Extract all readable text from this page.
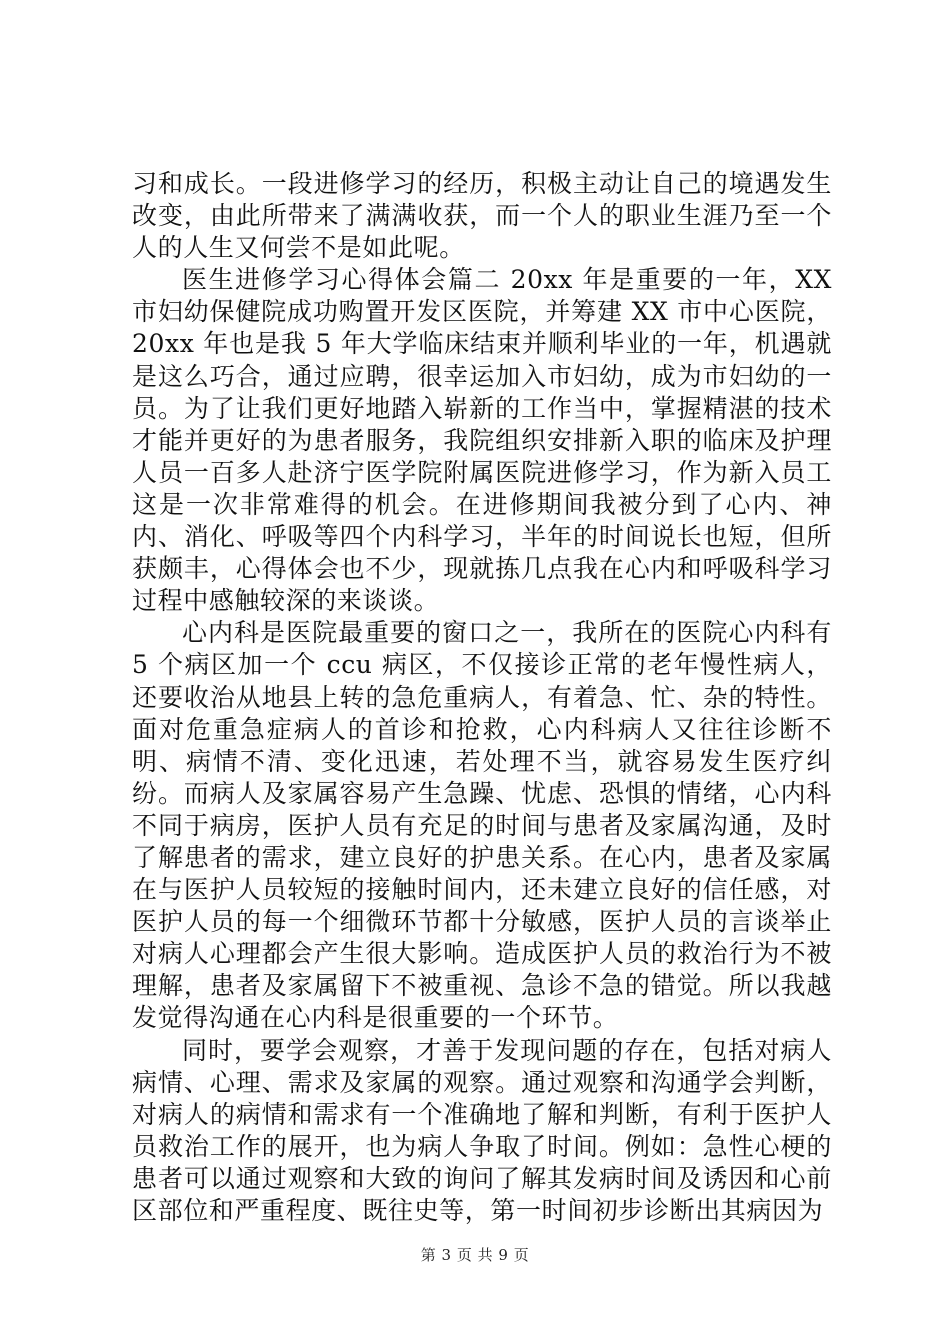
习和成长。一段进修学习的经历，积极主动让自己的境遇发生改变，由此所带来了满满收获，而一个人的职业生涯乃至一个人的人生又何尝不是如此呢。

医生进修学习心得体会篇二 20xx 年是重要的一年，XX 市妇幼保健院成功购置开发区医院，并筹建 XX 市中心医院，20xx 年也是我 5 年大学临床结束并顺利毕业的一年，机遇就是这么巧合，通过应聘，很幸运加入市妇幼，成为市妇幼的一员。为了让我们更好地踏入崭新的工作当中，掌握精湛的技术才能并更好的为患者服务，我院组织安排新入职的临床及护理人员一百多人赴济宁医学院附属医院进修学习，作为新入员工这是一次非常难得的机会。在进修期间我被分到了心内、神内、消化、呼吸等四个内科学习，半年的时间说长也短，但所获颇丰，心得体会也不少，现就拣几点我在心内和呼吸科学习过程中感触较深的来谈谈。

心内科是医院最重要的窗口之一，我所在的医院心内科有 5 个病区加一个 ccu 病区，不仅接诊正常的老年慢性病人，还要收治从地县上转的急危重病人，有着急、忙、杂的特性。面对危重急症病人的首诊和抢救，心内科病人又往往诊断不明、病情不清、变化迅速，若处理不当，就容易发生医疗纠纷。而病人及家属容易产生急躁、忧虑、恐惧的情绪，心内科不同于病房，医护人员有充足的时间与患者及家属沟通，及时了解患者的需求，建立良好的护患关系。在心内，患者及家属在与医护人员较短的接触时间内，还未建立良好的信任感，对医护人员的每一个细微环节都十分敏感，医护人员的言谈举止对病人心理都会产生很大影响。造成医护人员的救治行为不被理解，患者及家属留下不被重视、急诊不急的错觉。所以我越发觉得沟通在心内科是很重要的一个环节。

同时，要学会观察，才善于发现问题的存在，包括对病人病情、心理、需求及家属的观察。通过观察和沟通学会判断，对病人的病情和需求有一个准确地了解和判断，有利于医护人员救治工作的展开，也为病人争取了时间。例如：急性心梗的患者可以通过观察和大致的询问了解其发病时间及诱因和心前区部位和严重程度、既往史等，第一时间初步诊断出其病因为

第 3 页 共 9 页
